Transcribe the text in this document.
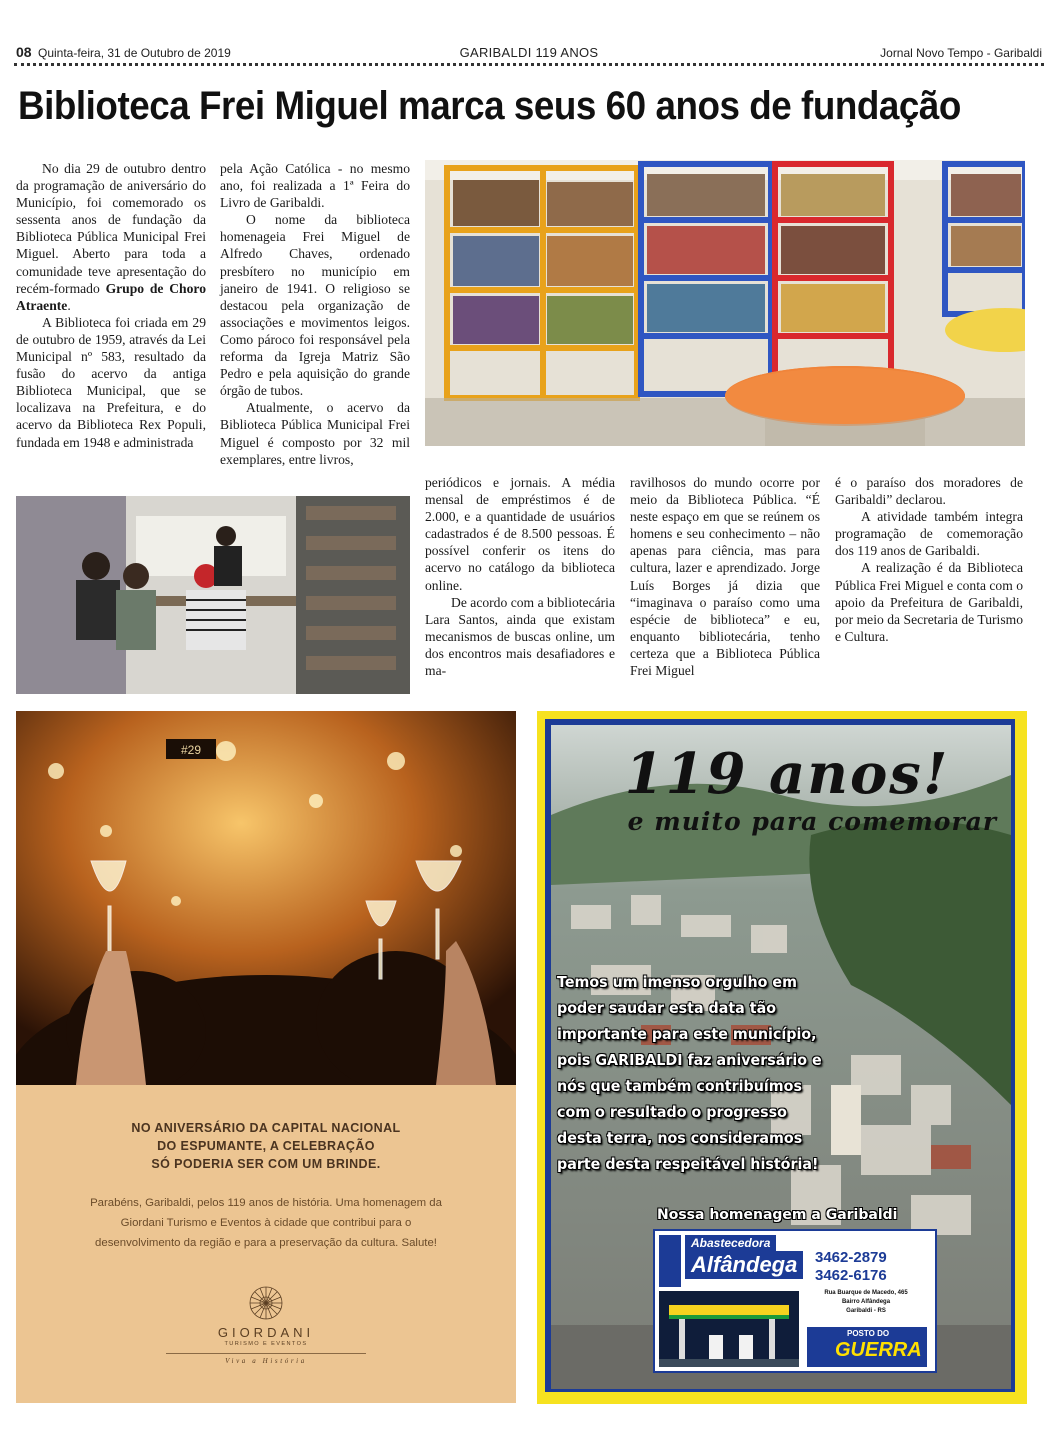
08 Quinta-feira, 31 de Outubro de 2019	GARIBALDI 119 ANOS	Jornal Novo Tempo - Garibaldi
Biblioteca Frei Miguel marca seus 60 anos de fundação

No dia 29 de outubro dentro da programação de aniversário do Município, foi comemorado os sessenta anos de fundação da Biblioteca Pública Municipal Frei Miguel. Aberto para toda a comunidade teve apresentação do recém-formado Grupo de Choro Atraente.

A Biblioteca foi criada em 29 de outubro de 1959, através da Lei Municipal nº 583, resultado da fusão do acervo da antiga Biblioteca Municipal, que se localizava na Prefeitura, e do acervo da Biblioteca Rex Populi, fundada em 1948 e administrada

pela Ação Católica - no mesmo ano, foi realizada a 1ª Feira do Livro de Garibaldi.

O nome da biblioteca homenageia Frei Miguel de Alfredo Chaves, ordenado presbítero no município em janeiro de 1941. O religioso se destacou pela organização de associações e movimentos leigos. Como pároco foi responsável pela reforma da Igreja Matriz São Pedro e pela aquisição do grande órgão de tubos.

Atualmente, o acervo da Biblioteca Pública Municipal Frei Miguel é composto por 32 mil exemplares, entre livros,

periódicos e jornais. A média mensal de empréstimos é de 2.000, e a quantidade de usuários cadastrados é de 8.500 pessoas. É possível conferir os itens do acervo no catálogo da biblioteca online.

De acordo com a bibliotecária Lara Santos, ainda que existam mecanismos de buscas online, um dos encontros mais desafiadores e ma-

ravilhosos do mundo ocorre por meio da Biblioteca Pública. “É neste espaço em que se reúnem os homens e seu conhecimento – não apenas para ciência, mas para cultura, lazer e aprendizado. Jorge Luís Borges já dizia que “imaginava o paraíso como uma espécie de biblioteca” e eu, enquanto bibliotecária, tenho certeza que a Biblioteca Pública Frei Miguel

é o paraíso dos moradores de Garibaldi” declarou.

A atividade também integra programação de comemoração dos 119 anos de Garibaldi.

A realização é da Biblioteca Pública Frei Miguel e conta com o apoio da Prefeitura de Garibaldi, por meio da Secretaria de Turismo e Cultura.

#29
NO ANIVERSÁRIO DA CAPITAL NACIONAL
DO ESPUMANTE, A CELEBRAÇÃO
SÓ PODERIA SER COM UM BRINDE.
Parabéns, Garibaldi, pelos 119 anos de história. Uma homenagem da Giordani Turismo e Eventos à cidade que contribui para o desenvolvimento da região e para a preservação da cultura. Salute!
GIORDANI
TURISMO E EVENTOS
Viva a História
119 anos!
e muito para comemorar
Temos um imenso orgulho em poder saudar esta data tão importante para este município, pois GARIBALDI faz aniversário e nós que também contribuímos com o resultado o progresso desta terra, nos consideramos parte desta respeitável história!
Nossa homenagem a Garibaldi
Abastecedora
Alfândega	3462-2879
3462-6176
Rua Buarque de Macedo, 465
Bairro Alfândega
Garibaldi - RS
POSTO DO
GUERRA
